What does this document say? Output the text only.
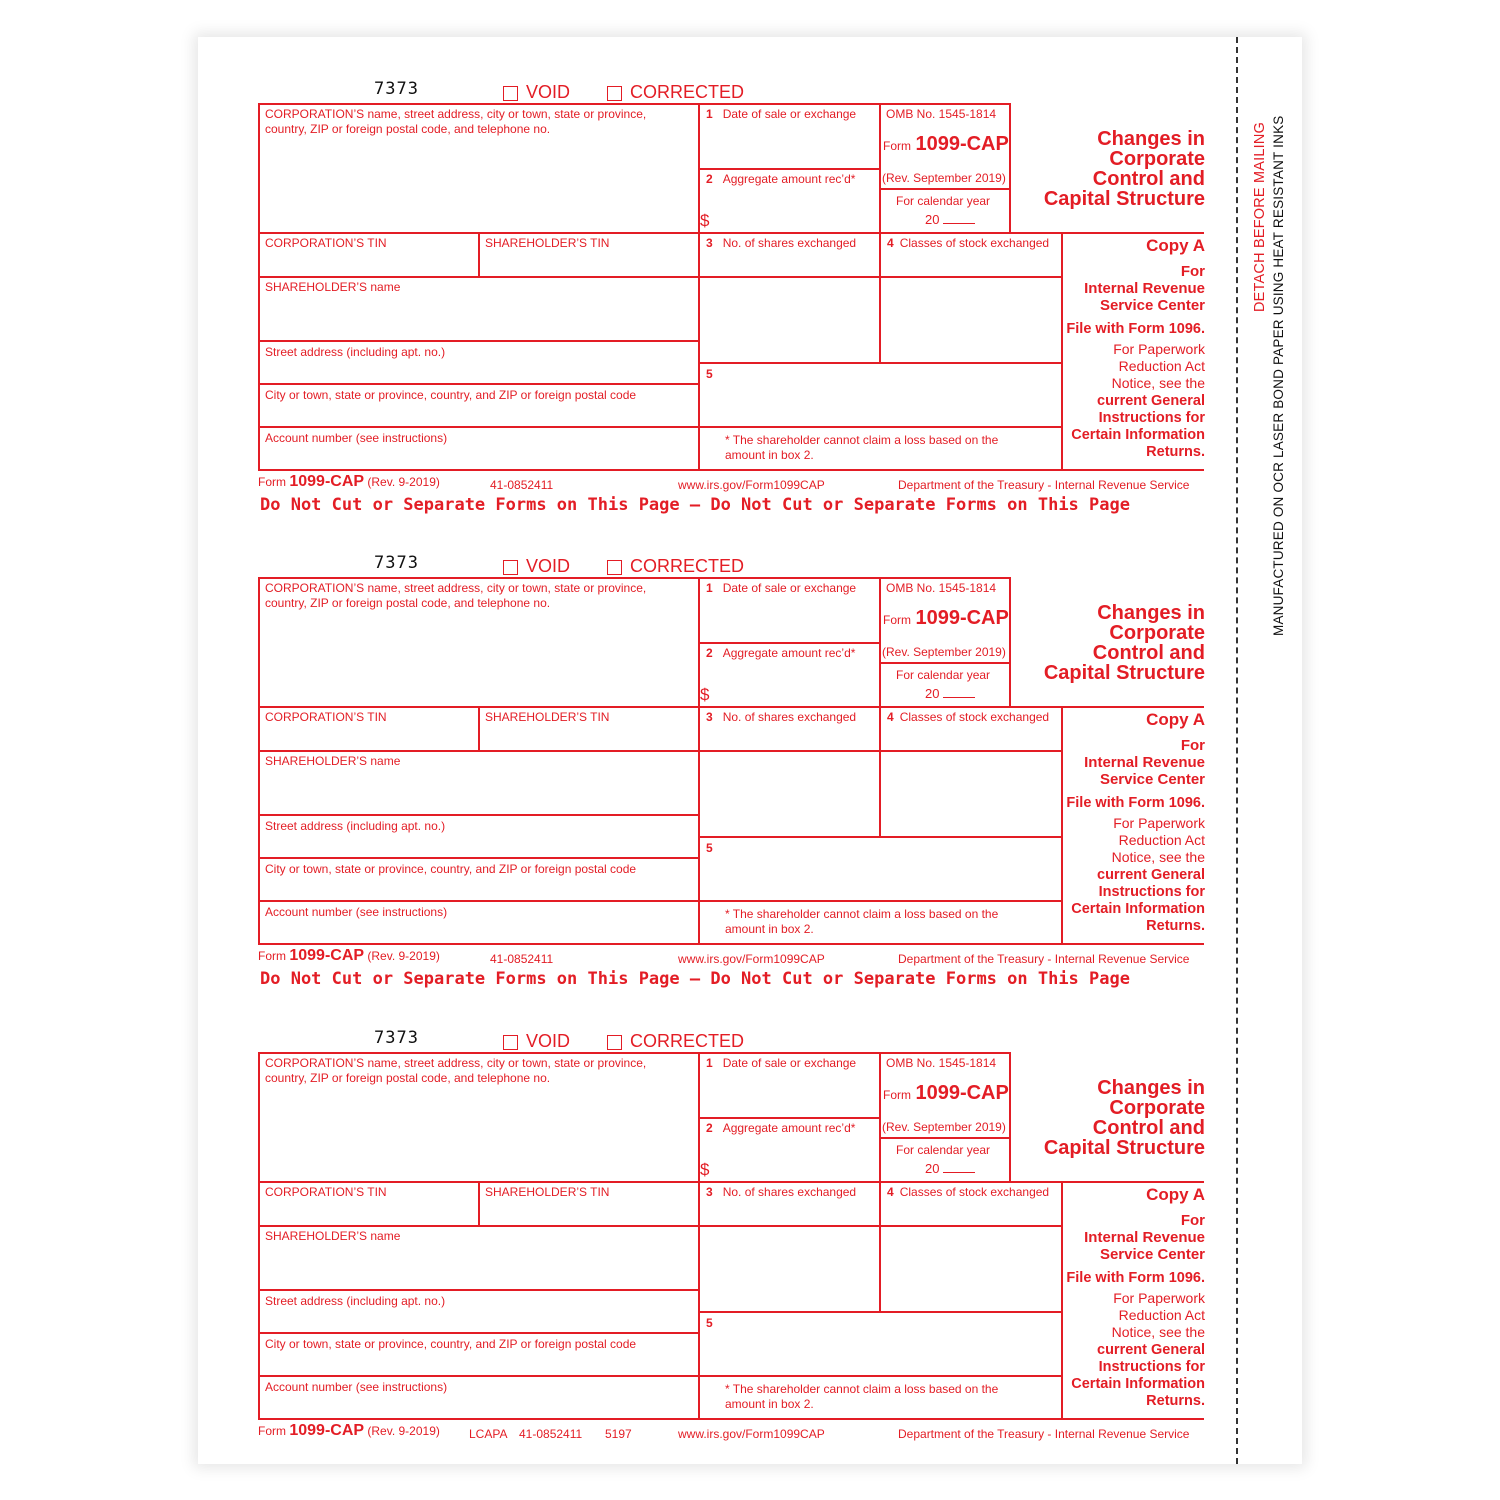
DETACH BEFORE MAILING MANUFACTURED ON OCR LASER BOND PAPER USING HEAT RESISTANT INKS
7373	VOID	CORRECTED
CORPORATION’S name, street address, city or town, state or province, country, ZIP or foreign postal code, and telephone no.
1 Date of sale or exchange
2 Aggregate amount rec’d*
$
OMB No. 1545-1814
Form 1099-CAP
(Rev. September 2019)
For calendar year
20
Changes in
Corporate
Control and
Capital Structure
CORPORATION’S TIN	SHAREHOLDER’S TIN	3 No. of shares exchanged	4 Classes of stock exchanged	Copy A
For
Internal Revenue
Service Center
File with Form 1096.
For Paperwork
Reduction Act
Notice, see the
current General
Instructions for
Certain Information
Returns.
SHAREHOLDER’S name
Street address (including apt. no.)
City or town, state or province, country, and ZIP or foreign postal code
5
Account number (see instructions)	* The shareholder cannot claim a loss based on the amount in box 2.
Form 1099-CAP (Rev. 9-2019)	41-0852411	www.irs.gov/Form1099CAP	Department of the Treasury - Internal Revenue Service
Do Not Cut or Separate Forms on This Page — Do Not Cut or Separate Forms on This Page
7373	VOID	CORRECTED
CORPORATION’S name, street address, city or town, state or province, country, ZIP or foreign postal code, and telephone no.
1 Date of sale or exchange
2 Aggregate amount rec’d*
$
OMB No. 1545-1814
Form 1099-CAP
(Rev. September 2019)
For calendar year
20
Changes in
Corporate
Control and
Capital Structure
CORPORATION’S TIN	SHAREHOLDER’S TIN	3 No. of shares exchanged	4 Classes of stock exchanged	Copy A
For
Internal Revenue
Service Center
File with Form 1096.
For Paperwork
Reduction Act
Notice, see the
current General
Instructions for
Certain Information
Returns.
SHAREHOLDER’S name
Street address (including apt. no.)
City or town, state or province, country, and ZIP or foreign postal code
5
Account number (see instructions)	* The shareholder cannot claim a loss based on the amount in box 2.
Form 1099-CAP (Rev. 9-2019)	41-0852411	www.irs.gov/Form1099CAP	Department of the Treasury - Internal Revenue Service
Do Not Cut or Separate Forms on This Page — Do Not Cut or Separate Forms on This Page
7373	VOID	CORRECTED
CORPORATION’S name, street address, city or town, state or province, country, ZIP or foreign postal code, and telephone no.
1 Date of sale or exchange
2 Aggregate amount rec’d*
$
OMB No. 1545-1814
Form 1099-CAP
(Rev. September 2019)
For calendar year
20
Changes in
Corporate
Control and
Capital Structure
CORPORATION’S TIN	SHAREHOLDER’S TIN	3 No. of shares exchanged	4 Classes of stock exchanged	Copy A
For
Internal Revenue
Service Center
File with Form 1096.
For Paperwork
Reduction Act
Notice, see the
current General
Instructions for
Certain Information
Returns.
SHAREHOLDER’S name
Street address (including apt. no.)
City or town, state or province, country, and ZIP or foreign postal code
5
Account number (see instructions)	* The shareholder cannot claim a loss based on the amount in box 2.
Form 1099-CAP (Rev. 9-2019) LCAPA 41-0852411 5197	www.irs.gov/Form1099CAP	Department of the Treasury - Internal Revenue Service
